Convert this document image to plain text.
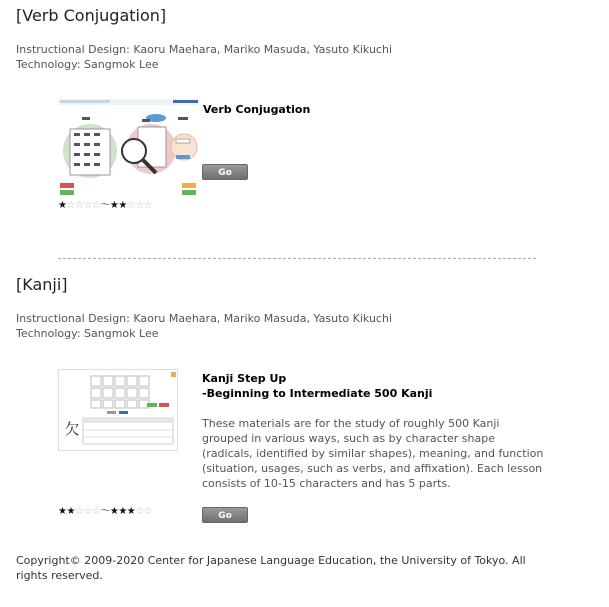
[Verb Conjugation]
Instructional Design: Kaoru Maehara, Mariko Masuda, Yasuto Kikuchi
Technology: Sangmok Lee
Verb Conjugation
Go
★☆☆☆☆～★★☆☆☆
[Kanji]
Instructional Design: Kaoru Maehara, Mariko Masuda, Yasuto Kikuchi
Technology: Sangmok Lee
欠
Kanji Step Up
-Beginning to Intermediate 500 Kanji
These materials are for the study of roughly 500 Kanji grouped in various ways, such as by character shape (radicals, identified by similar shapes), meaning, and function (situation, usages, such as verbs, and affixation). Each lesson consists of 10-15 characters and has 5 parts.
★★☆☆☆～★★★☆☆	Go
Copyright© 2009-2020 Center for Japanese Language Education, the University of Tokyo. All rights reserved.
